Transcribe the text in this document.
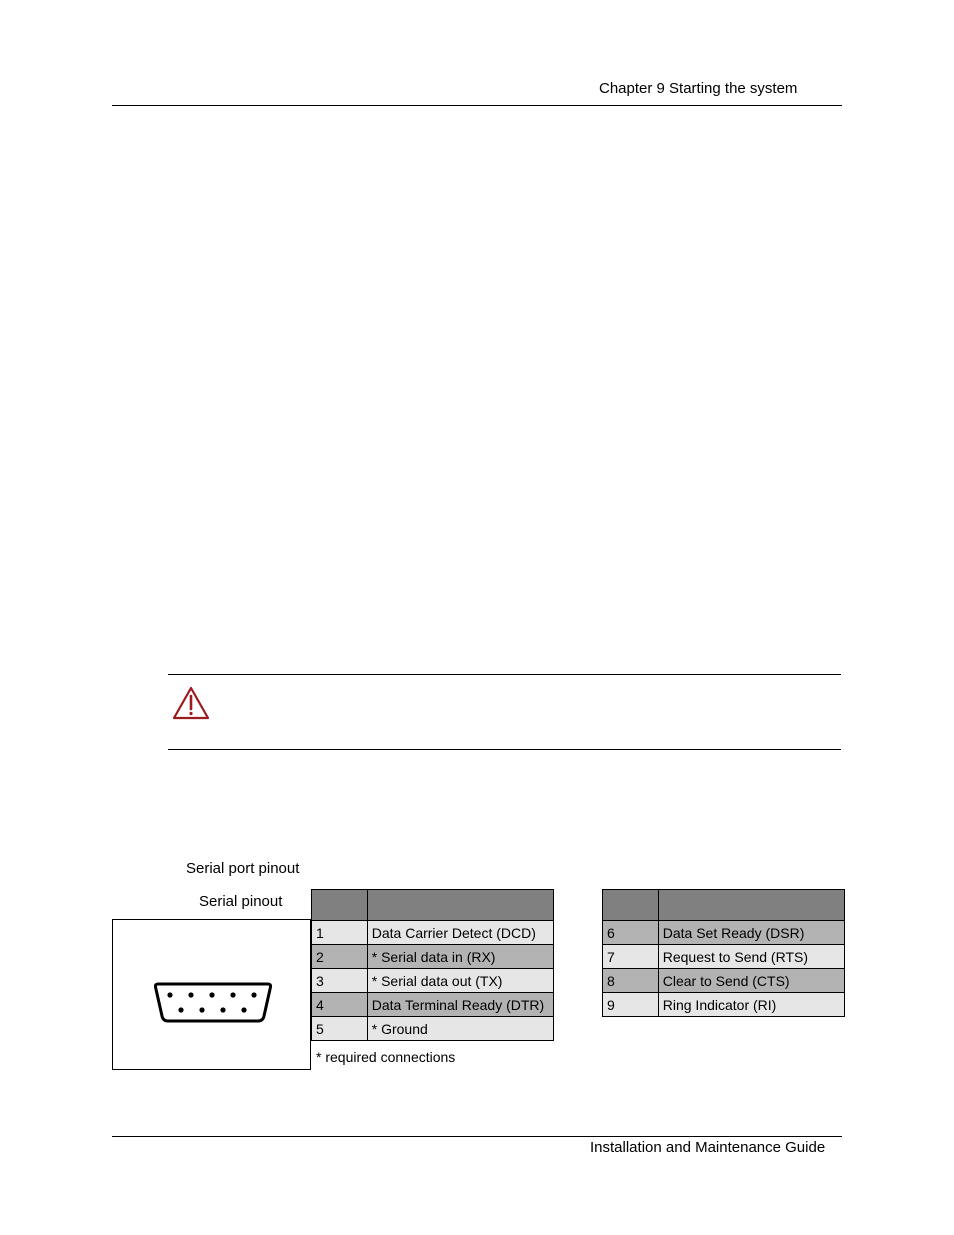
Chapter 9 Starting the system
Serial port pinout
Serial pinout

1	Data Carrier Detect (DCD)
2	* Serial data in (RX)
3	* Serial data out (TX)
4	Data Terminal Ready (DTR)
5	* Ground
* required connections

6	Data Set Ready (DSR)
7	Request to Send (RTS)
8	Clear to Send (CTS)
9	Ring Indicator (RI)
Installation and Maintenance Guide
